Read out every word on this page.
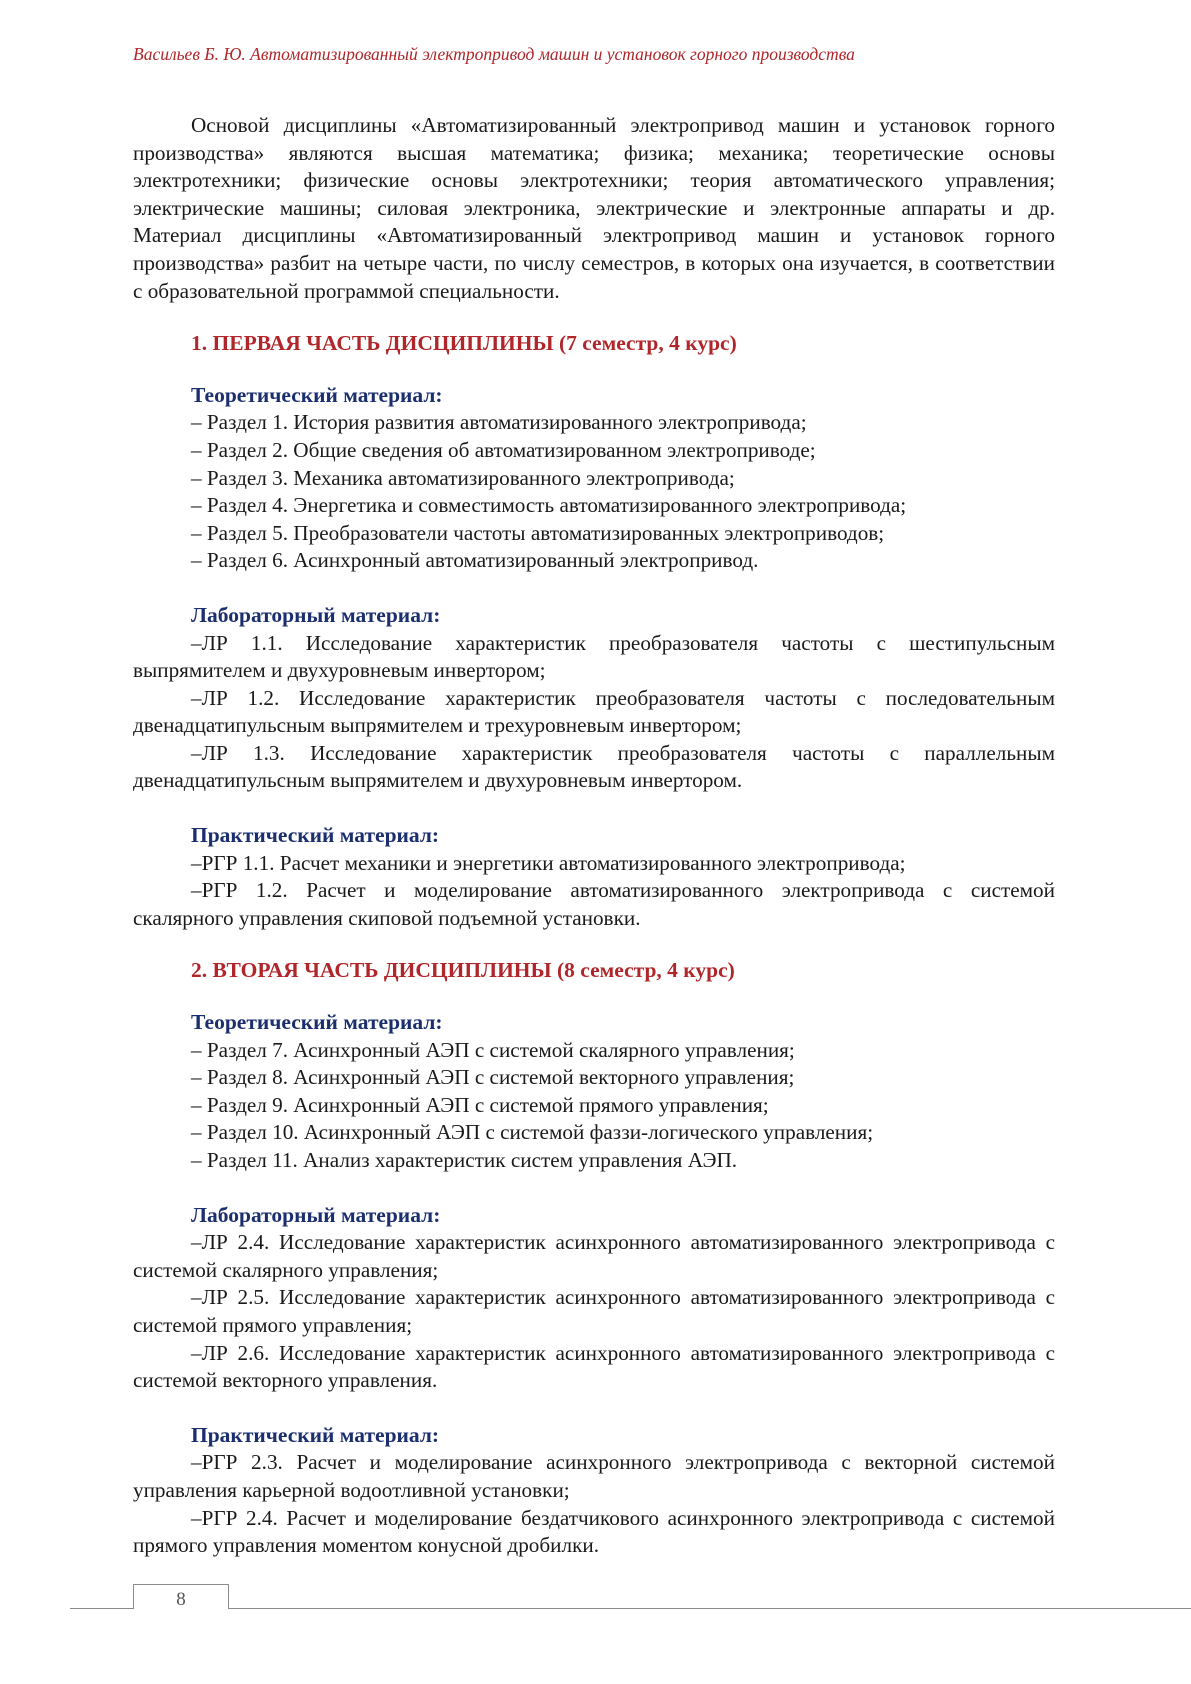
Васильев Б. Ю. Автоматизированный электропривод машин и установок горного производства

Основой дисциплины «Автоматизированный электропривод машин и установок горного производства» являются высшая математика; физика; механика; теоретические основы электротехники; физические основы электротехники; теория автоматического управления; электрические машины; силовая электроника, электрические и электронные аппараты и др. Материал дисциплины «Автоматизированный электропривод машин и установок горного производства» разбит на четыре части, по числу семестров, в которых она изучается, в соответствии с образовательной программой специальности.

1. ПЕРВАЯ ЧАСТЬ ДИСЦИПЛИНЫ (7 семестр, 4 курс)
Теоретический материал:
– Раздел 1. История развития автоматизированного электропривода;
– Раздел 2. Общие сведения об автоматизированном электроприводе;
– Раздел 3. Механика автоматизированного электропривода;
– Раздел 4. Энергетика и совместимость автоматизированного электропривода;
– Раздел 5. Преобразователи частоты автоматизированных электроприводов;
– Раздел 6. Асинхронный автоматизированный электропривод.
Лабораторный материал:

–ЛР 1.1. Исследование характеристик преобразователя частоты с шестипульсным выпрямителем и двухуровневым инвертором;

–ЛР 1.2. Исследование характеристик преобразователя частоты с последовательным двенадцатипульсным выпрямителем и трехуровневым инвертором;

–ЛР 1.3. Исследование характеристик преобразователя частоты с параллельным двенадцатипульсным выпрямителем и двухуровневым инвертором.

Практический материал:

–РГР 1.1. Расчет механики и энергетики автоматизированного электропривода;

–РГР 1.2. Расчет и моделирование автоматизированного электропривода с системой скалярного управления скиповой подъемной установки.

2. ВТОРАЯ ЧАСТЬ ДИСЦИПЛИНЫ (8 семестр, 4 курс)
Теоретический материал:
– Раздел 7. Асинхронный АЭП с системой скалярного управления;
– Раздел 8. Асинхронный АЭП с системой векторного управления;
– Раздел 9. Асинхронный АЭП с системой прямого управления;
– Раздел 10. Асинхронный АЭП с системой фаззи-логического управления;
– Раздел 11. Анализ характеристик систем управления АЭП.
Лабораторный материал:

–ЛР 2.4. Исследование характеристик асинхронного автоматизированного электропривода с системой скалярного управления;

–ЛР 2.5. Исследование характеристик асинхронного автоматизированного электропривода с системой прямого управления;

–ЛР 2.6. Исследование характеристик асинхронного автоматизированного электропривода с системой векторного управления.

Практический материал:

–РГР 2.3. Расчет и моделирование асинхронного электропривода с векторной системой управления карьерной водоотливной установки;

–РГР 2.4. Расчет и моделирование бездатчикового асинхронного электропривода с системой прямого управления моментом конусной дробилки.

8
